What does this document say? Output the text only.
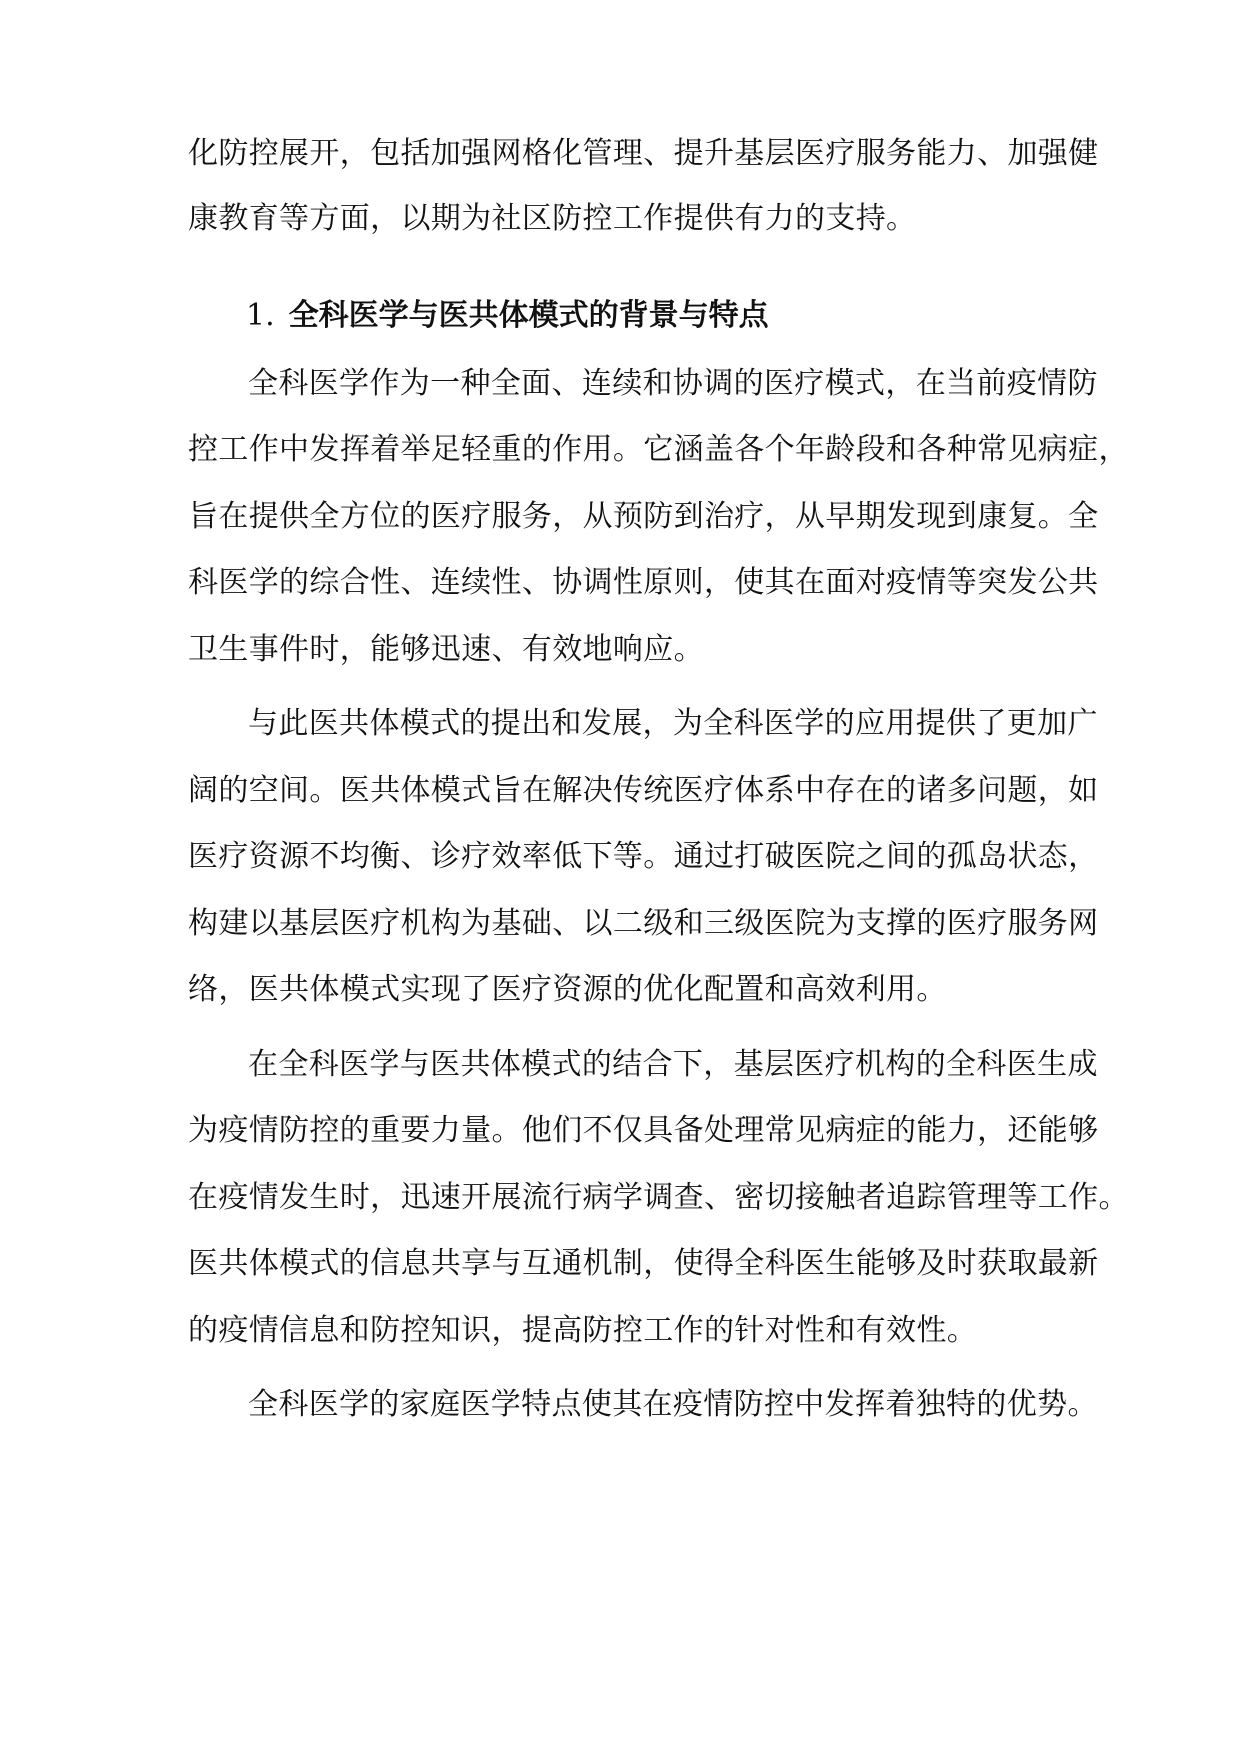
化防控展开，包括加强网格化管理、提升基层医疗服务能力、加强健
康教育等方面，以期为社区防控工作提供有力的支持。
1. 全科医学与医共体模式的背景与特点
全科医学作为一种全面、连续和协调的医疗模式，在当前疫情防
控工作中发挥着举足轻重的作用。它涵盖各个年龄段和各种常见病症，
旨在提供全方位的医疗服务，从预防到治疗，从早期发现到康复。全
科医学的综合性、连续性、协调性原则，使其在面对疫情等突发公共
卫生事件时，能够迅速、有效地响应。
与此医共体模式的提出和发展，为全科医学的应用提供了更加广
阔的空间。医共体模式旨在解决传统医疗体系中存在的诸多问题，如
医疗资源不均衡、诊疗效率低下等。通过打破医院之间的孤岛状态，
构建以基层医疗机构为基础、以二级和三级医院为支撑的医疗服务网
络，医共体模式实现了医疗资源的优化配置和高效利用。
在全科医学与医共体模式的结合下，基层医疗机构的全科医生成
为疫情防控的重要力量。他们不仅具备处理常见病症的能力，还能够
在疫情发生时，迅速开展流行病学调查、密切接触者追踪管理等工作。
医共体模式的信息共享与互通机制，使得全科医生能够及时获取最新
的疫情信息和防控知识，提高防控工作的针对性和有效性。
全科医学的家庭医学特点使其在疫情防控中发挥着独特的优势。
